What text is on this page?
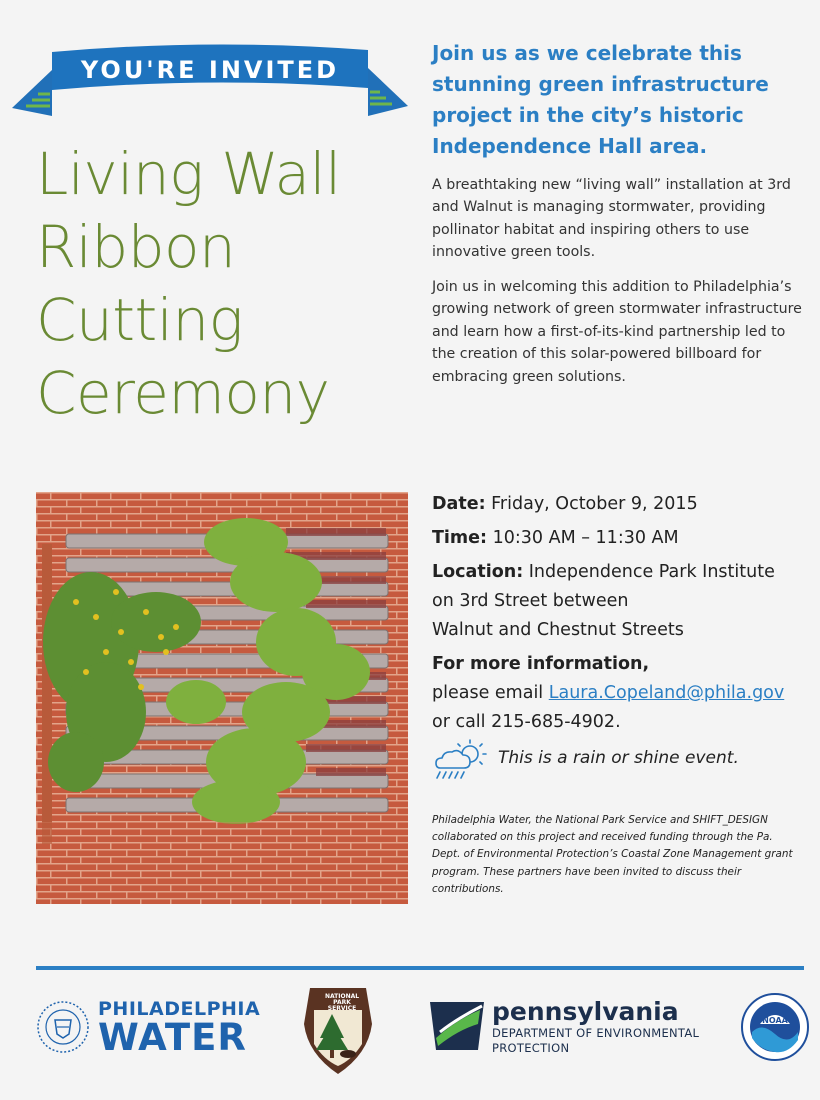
YOU'RE INVITED
Living Wall
Ribbon
Cutting
Ceremony
Join us as we celebrate this stunning green infrastructure project in the city’s historic Independence Hall area.
A breathtaking new “living wall” installation at 3rd and Walnut is managing stormwater, providing pollinator habitat and inspiring others to use innovative green tools.
Join us in welcoming this addition to Philadelphia’s growing network of green stormwater infrastructure and learn how a first-of-its-kind partnership led to the creation of this solar-powered billboard for embracing green solutions.
Date: Friday, October 9, 2015
Time: 10:30 AM – 11:30 AM
Location: Independence Park Institute
on 3rd Street between
Walnut and Chestnut Streets
For more information,
please email Laura.Copeland@phila.gov
or call 215-685-4902.
This is a rain or shine event.
Philadelphia Water, the National Park Service and SHIFT_DESIGN collaborated on this project and received funding through the Pa. Dept. of Environmental Protection’s Coastal Zone Management grant program. These partners have been invited to discuss their contributions.
PHILADELPHIA
WATER
NATIONAL
PARK
SERVICE	pennsylvania
DEPARTMENT OF ENVIRONMENTAL
PROTECTION
NOAA
